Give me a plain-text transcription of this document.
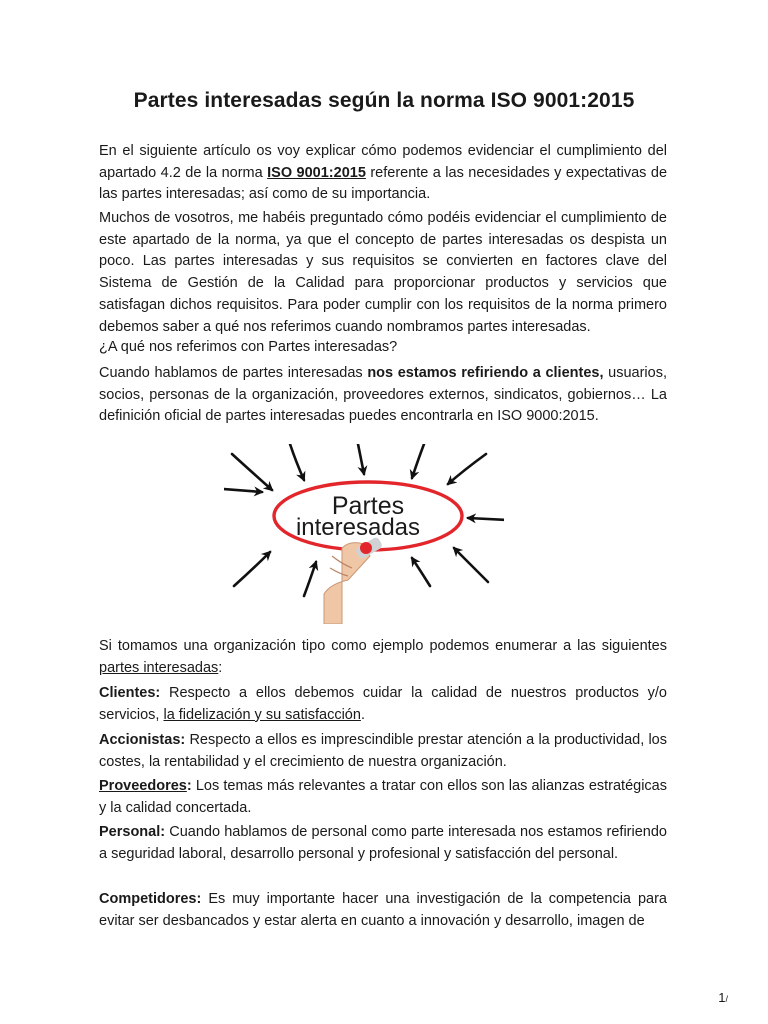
Partes interesadas según la norma ISO 9001:2015

En el siguiente artículo os voy explicar cómo podemos evidenciar el cumplimiento del apartado 4.2 de la norma ISO 9001:2015 referente a las necesidades y expectativas de las partes interesadas; así como de su importancia.

Muchos de vosotros, me habéis preguntado cómo podéis evidenciar el cumplimiento de este apartado de la norma, ya que el concepto de partes interesadas os despista un poco. Las partes interesadas y sus requisitos se convierten en factores clave del Sistema de Gestión de la Calidad para proporcionar productos y servicios que satisfagan dichos requisitos. Para poder cumplir con los requisitos de la norma primero debemos saber a qué nos referimos cuando nombramos partes interesadas.

¿A qué nos referimos con Partes interesadas?

Cuando hablamos de partes interesadas nos estamos refiriendo a clientes, usuarios, socios, personas de la organización, proveedores externos, sindicatos, gobiernos… La definición oficial de partes interesadas puedes encontrarla en ISO 9000:2015.

Partes
interesadas

Si tomamos una organización tipo como ejemplo podemos enumerar a las siguientes partes interesadas:

Clientes: Respecto a ellos debemos cuidar la calidad de nuestros productos y/o servicios, la fidelización y su satisfacción.

Accionistas: Respecto a ellos es imprescindible prestar atención a la productividad, los costes, la rentabilidad y el crecimiento de nuestra organización.

Proveedores: Los temas más relevantes a tratar con ellos son las alianzas estratégicas y la calidad concertada.

Personal: Cuando hablamos de personal como parte interesada nos estamos refiriendo a seguridad laboral, desarrollo personal y profesional y satisfacción del personal.

Competidores: Es muy importante hacer una investigación de la competencia para evitar ser desbancados y estar alerta en cuanto a innovación y desarrollo, imagen de

1/
